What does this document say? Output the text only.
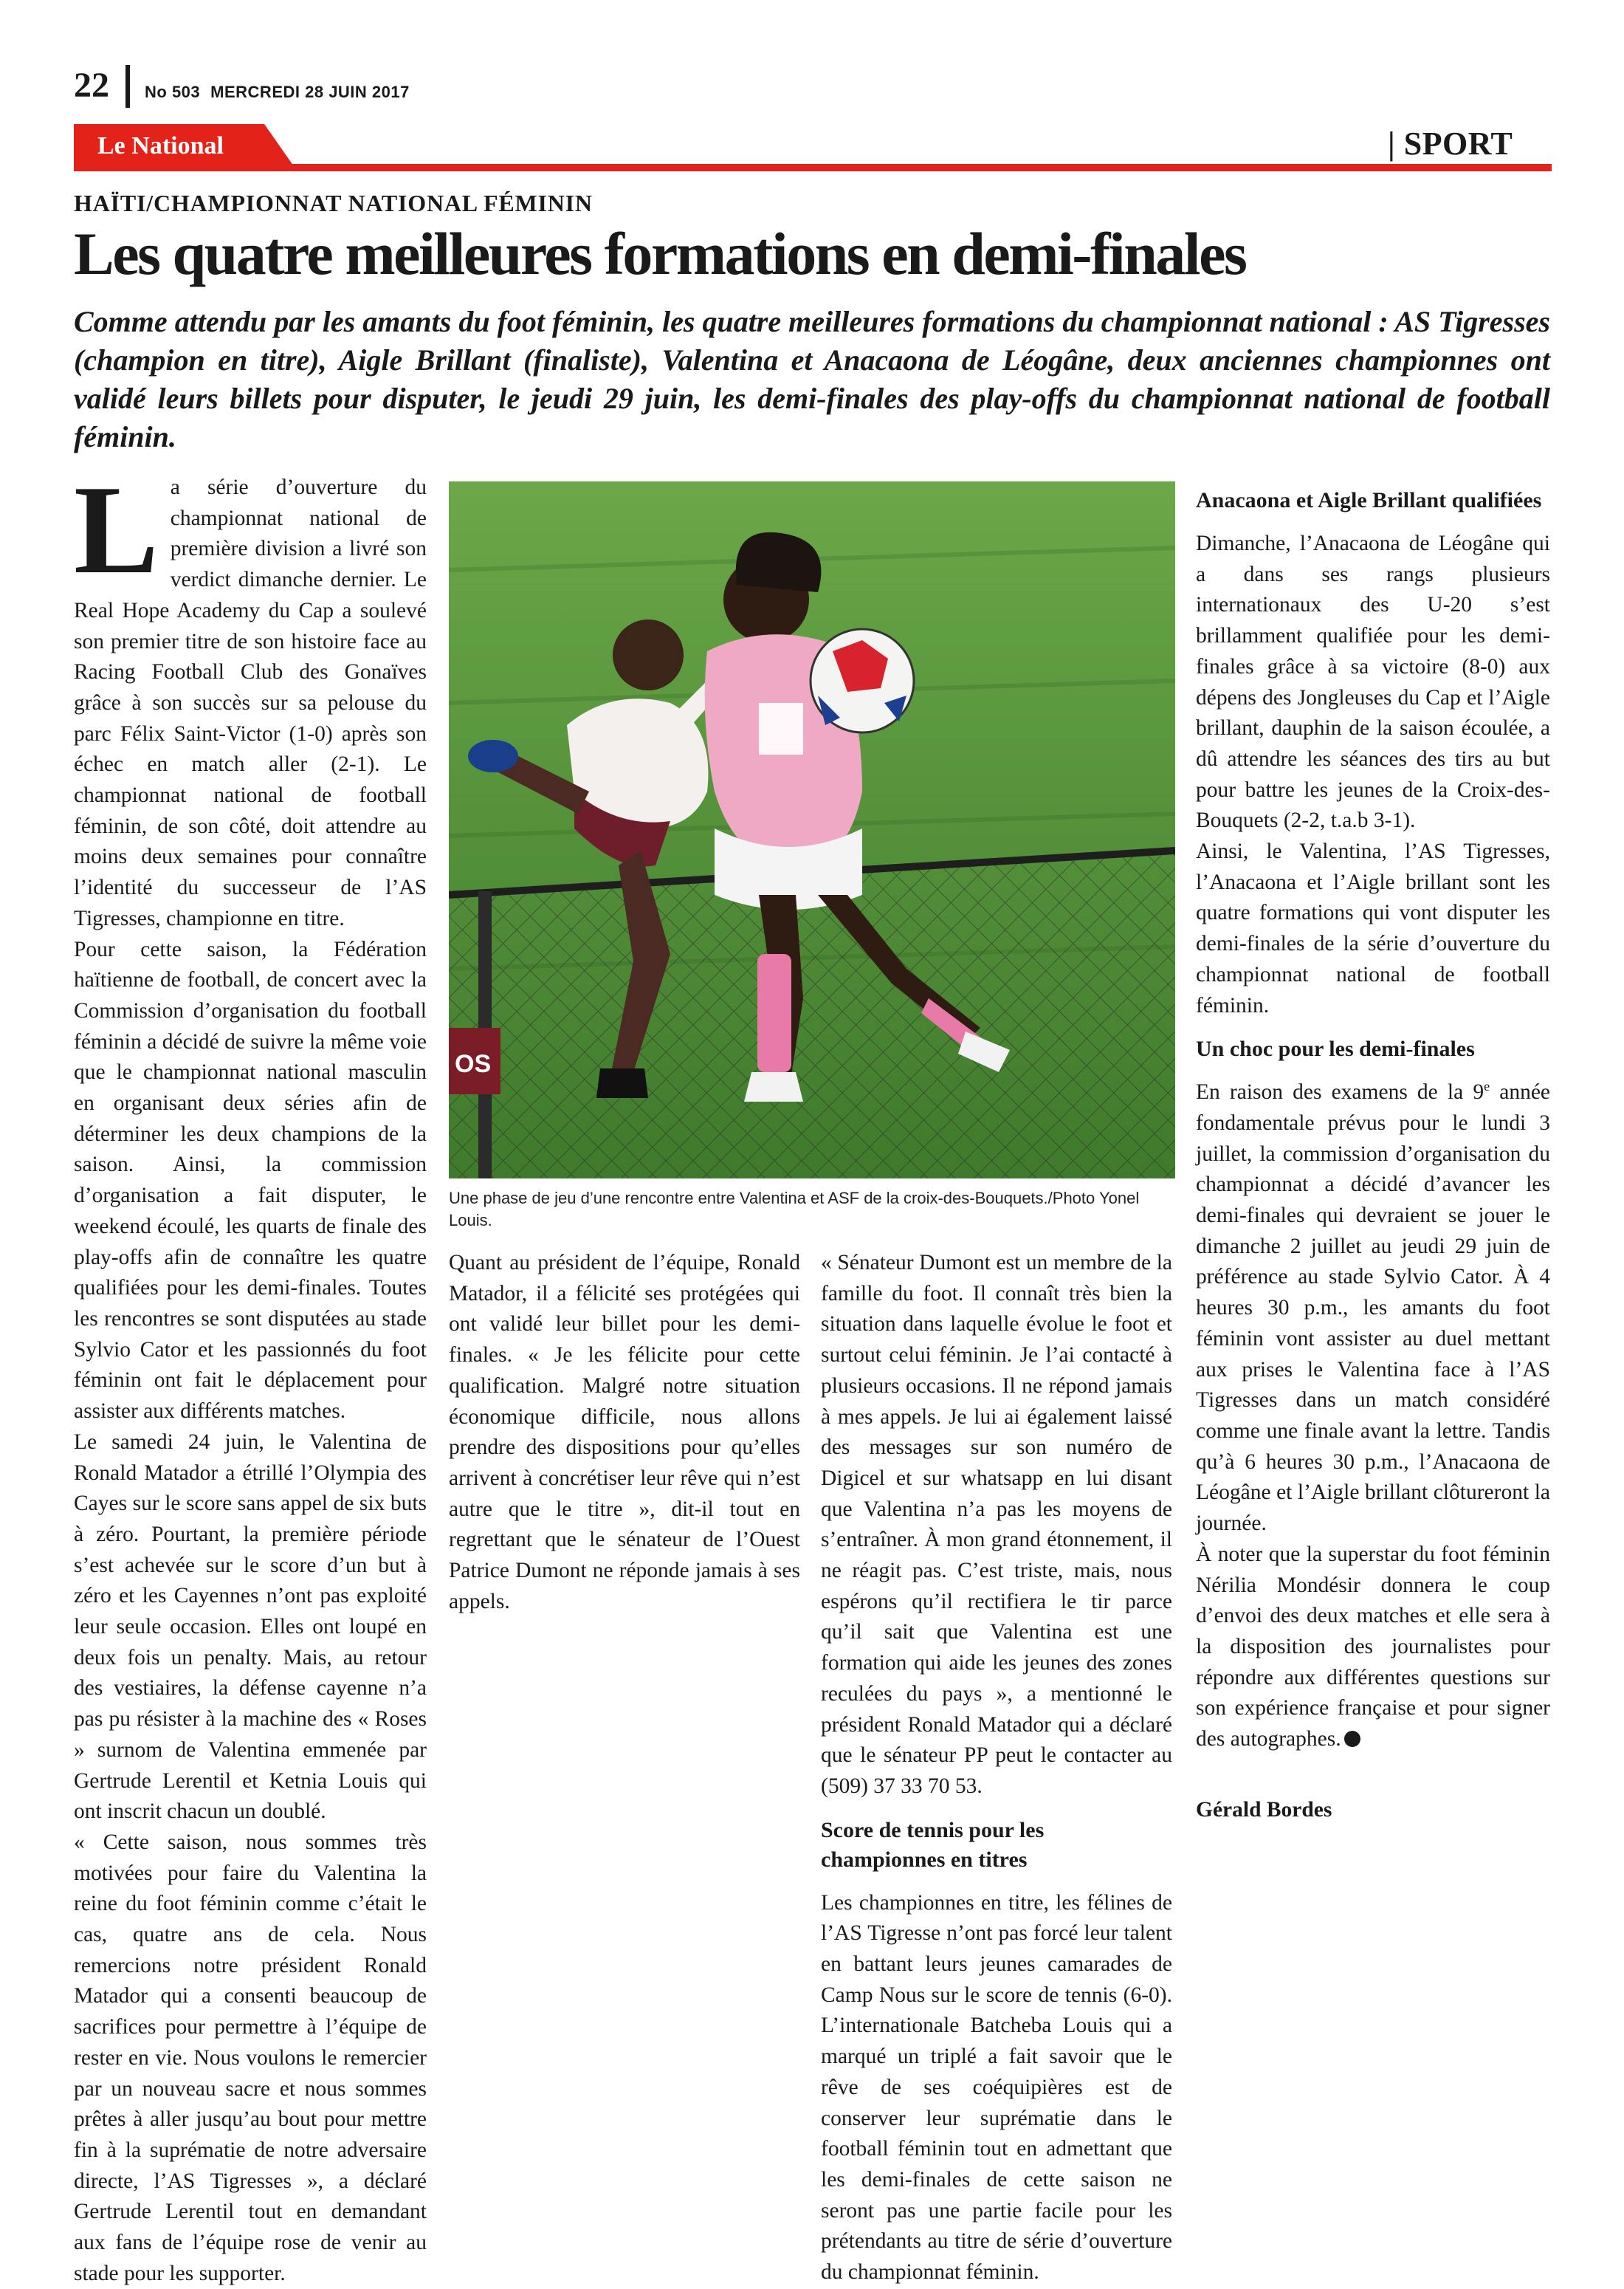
22 No 503 MERCREDI 28 JUIN 2017
Le National	| SPORT
HAÏTI/CHAMPIONNAT NATIONAL FÉMININ
Les quatre meilleures formations en demi-finales
Comme attendu par les amants du foot féminin, les quatre meilleures formations du championnat national : AS Tigresses (champion en titre), Aigle Brillant (finaliste), Valentina et Anacaona de Léogâne, deux anciennes championnes ont validé leurs billets pour disputer, le jeudi 29 juin, les demi-finales des play-offs du championnat national de football féminin.

La série d’ouverture du championnat national de première division a livré son verdict dimanche dernier. Le Real Hope Academy du Cap a soulevé son premier titre de son histoire face au Racing Football Club des Gonaïves grâce à son succès sur sa pelouse du parc Félix Saint-Victor (1-0) après son échec en match aller (2-1). Le championnat national de football féminin, de son côté, doit attendre au moins deux semaines pour connaître l’identité du successeur de l’AS Tigresses, championne en titre.

Pour cette saison, la Fédération haïtienne de football, de concert avec la Commission d’organisation du football féminin a décidé de suivre la même voie que le championnat national masculin en organisant deux séries afin de déterminer les deux champions de la saison. Ainsi, la commission d’organisation a fait disputer, le weekend écoulé, les quarts de finale des play-offs afin de connaître les quatre qualifiées pour les demi-finales. Toutes les rencontres se sont disputées au stade Sylvio Cator et les passionnés du foot féminin ont fait le déplacement pour assister aux différents matches.

Le samedi 24 juin, le Valentina de Ronald Matador a étrillé l’Olympia des Cayes sur le score sans appel de six buts à zéro. Pourtant, la première période s’est achevée sur le score d’un but à zéro et les Cayennes n’ont pas exploité leur seule occasion. Elles ont loupé en deux fois un penalty. Mais, au retour des vestiaires, la défense cayenne n’a pas pu résister à la machine des « Roses » surnom de Valentina emmenée par Gertrude Lerentil et Ketnia Louis qui ont inscrit chacun un doublé.

« Cette saison, nous sommes très motivées pour faire du Valentina la reine du foot féminin comme c’était le cas, quatre ans de cela. Nous remercions notre président Ronald Matador qui a consenti beaucoup de sacrifices pour permettre à l’équipe de rester en vie. Nous voulons le remercier par un nouveau sacre et nous sommes prêtes à aller jusqu’au bout pour mettre fin à la suprématie de notre adversaire directe, l’AS Tigresses », a déclaré Gertrude Lerentil tout en demandant aux fans de l’équipe rose de venir au stade pour les supporter.

OS
Une phase de jeu d’une rencontre entre Valentina et ASF de la croix-des-Bouquets./Photo Yonel Louis.

Quant au président de l’équipe, Ronald Matador, il a félicité ses protégées qui ont validé leur billet pour les demi-finales. « Je les félicite pour cette qualification. Malgré notre situation économique difficile, nous allons prendre des dispositions pour qu’elles arrivent à concrétiser leur rêve qui n’est autre que le titre », dit-il tout en regrettant que le sénateur de l’Ouest Patrice Dumont ne réponde jamais à ses appels.

« Sénateur Dumont est un membre de la famille du foot. Il connaît très bien la situation dans laquelle évolue le foot et surtout celui féminin. Je l’ai contacté à plusieurs occasions. Il ne répond jamais à mes appels. Je lui ai également laissé des messages sur son numéro de Digicel et sur whatsapp en lui disant que Valentina n’a pas les moyens de s’entraîner. À mon grand étonnement, il ne réagit pas. C’est triste, mais, nous espérons qu’il rectifiera le tir parce qu’il sait que Valentina est une formation qui aide les jeunes des zones reculées du pays », a mentionné le président Ronald Matador qui a déclaré que le sénateur PP peut le contacter au (509) 37 33 70 53.

Score de tennis pour les championnes en titres

Les championnes en titre, les félines de l’AS Tigresse n’ont pas forcé leur talent en battant leurs jeunes camarades de Camp Nous sur le score de tennis (6-0). L’internationale Batcheba Louis qui a marqué un triplé a fait savoir que le rêve de ses coéquipières est de conserver leur suprématie dans le football féminin tout en admettant que les demi-finales de cette saison ne seront pas une partie facile pour les prétendants au titre de série d’ouverture du championnat féminin.

Anacaona et Aigle Brillant qualifiées

Dimanche, l’Anacaona de Léogâne qui a dans ses rangs plusieurs internationaux des U-20 s’est brillamment qualifiée pour les demi-finales grâce à sa victoire (8-0) aux dépens des Jongleuses du Cap et l’Aigle brillant, dauphin de la saison écoulée, a dû attendre les séances des tirs au but pour battre les jeunes de la Croix-des-Bouquets (2-2, t.a.b 3-1).

Ainsi, le Valentina, l’AS Tigresses, l’Anacaona et l’Aigle brillant sont les quatre formations qui vont disputer les demi-finales de la série d’ouverture du championnat national de football féminin.

Un choc pour les demi-finales

En raison des examens de la 9e année fondamentale prévus pour le lundi 3 juillet, la commission d’organisation du championnat a décidé d’avancer les demi-finales qui devraient se jouer le dimanche 2 juillet au jeudi 29 juin de préférence au stade Sylvio Cator. À 4 heures 30 p.m., les amants du foot féminin vont assister au duel mettant aux prises le Valentina face à l’AS Tigresses dans un match considéré comme une finale avant la lettre. Tandis qu’à 6 heures 30 p.m., l’Anacaona de Léogâne et l’Aigle brillant clôtureront la journée.

À noter que la superstar du foot féminin Nérilia Mondésir donnera le coup d’envoi des deux matches et elle sera à la disposition des journalistes pour répondre aux différentes questions sur son expérience française et pour signer des autographes.

Gérald Bordes
